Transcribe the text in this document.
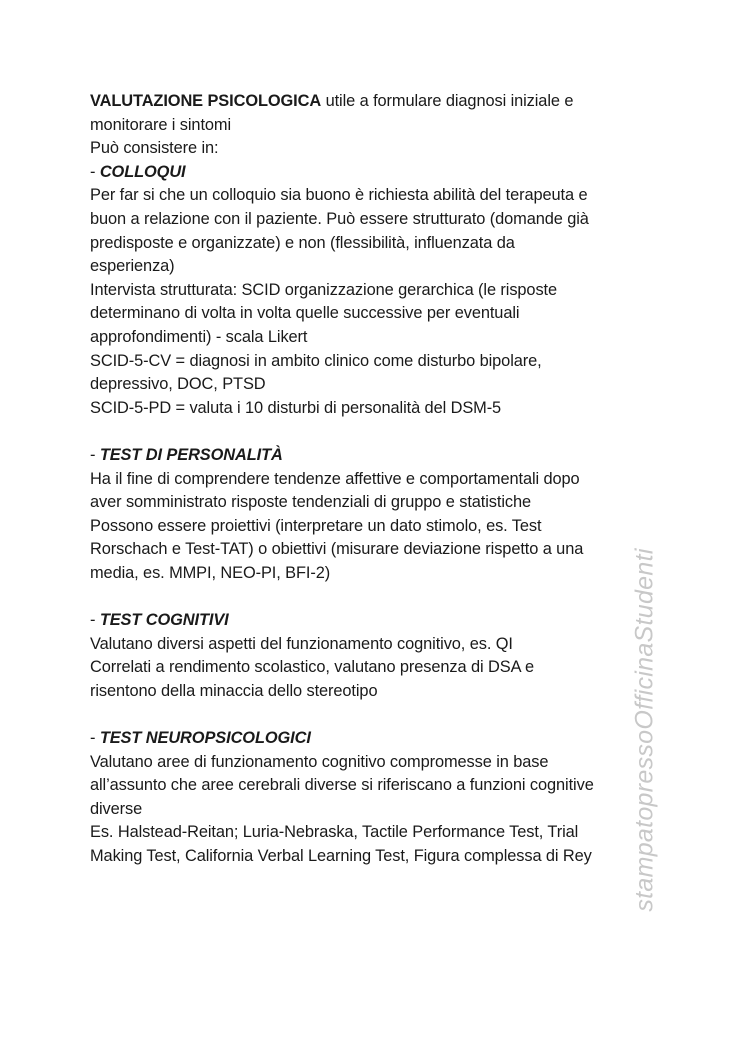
VALUTAZIONE PSICOLOGICA utile a formulare diagnosi iniziale e
monitorare i sintomi
Può consistere in:
- COLLOQUI
Per far si che un colloquio sia buono è richiesta abilità del terapeuta e
buon a relazione con il paziente. Può essere strutturato (domande già
predisposte e organizzate) e non (flessibilità, influenzata da
esperienza)
Intervista strutturata: SCID organizzazione gerarchica (le risposte
determinano di volta in volta quelle successive per eventuali
approfondimenti) - scala Likert
SCID-5-CV = diagnosi in ambito clinico come disturbo bipolare,
depressivo, DOC, PTSD
SCID-5-PD = valuta i 10 disturbi di personalità del DSM-5
- TEST DI PERSONALITÀ
Ha il fine di comprendere tendenze affettive e comportamentali dopo
aver somministrato risposte tendenziali di gruppo e statistiche
Possono essere proiettivi (interpretare un dato stimolo, es. Test
Rorschach e Test-TAT) o obiettivi (misurare deviazione rispetto a una
media, es. MMPI, NEO-PI, BFI-2)
- TEST COGNITIVI
Valutano diversi aspetti del funzionamento cognitivo, es. QI
Correlati a rendimento scolastico, valutano presenza di DSA e
risentono della minaccia dello stereotipo
- TEST NEUROPSICOLOGICI
Valutano aree di funzionamento cognitivo compromesse in base
all’assunto che aree cerebrali diverse si riferiscano a funzioni cognitive
diverse
Es. Halstead-Reitan; Luria-Nebraska, Tactile Performance Test, Trial
Making Test, California Verbal Learning Test, Figura complessa di Rey	stampatopressoOfficinaStudenti
